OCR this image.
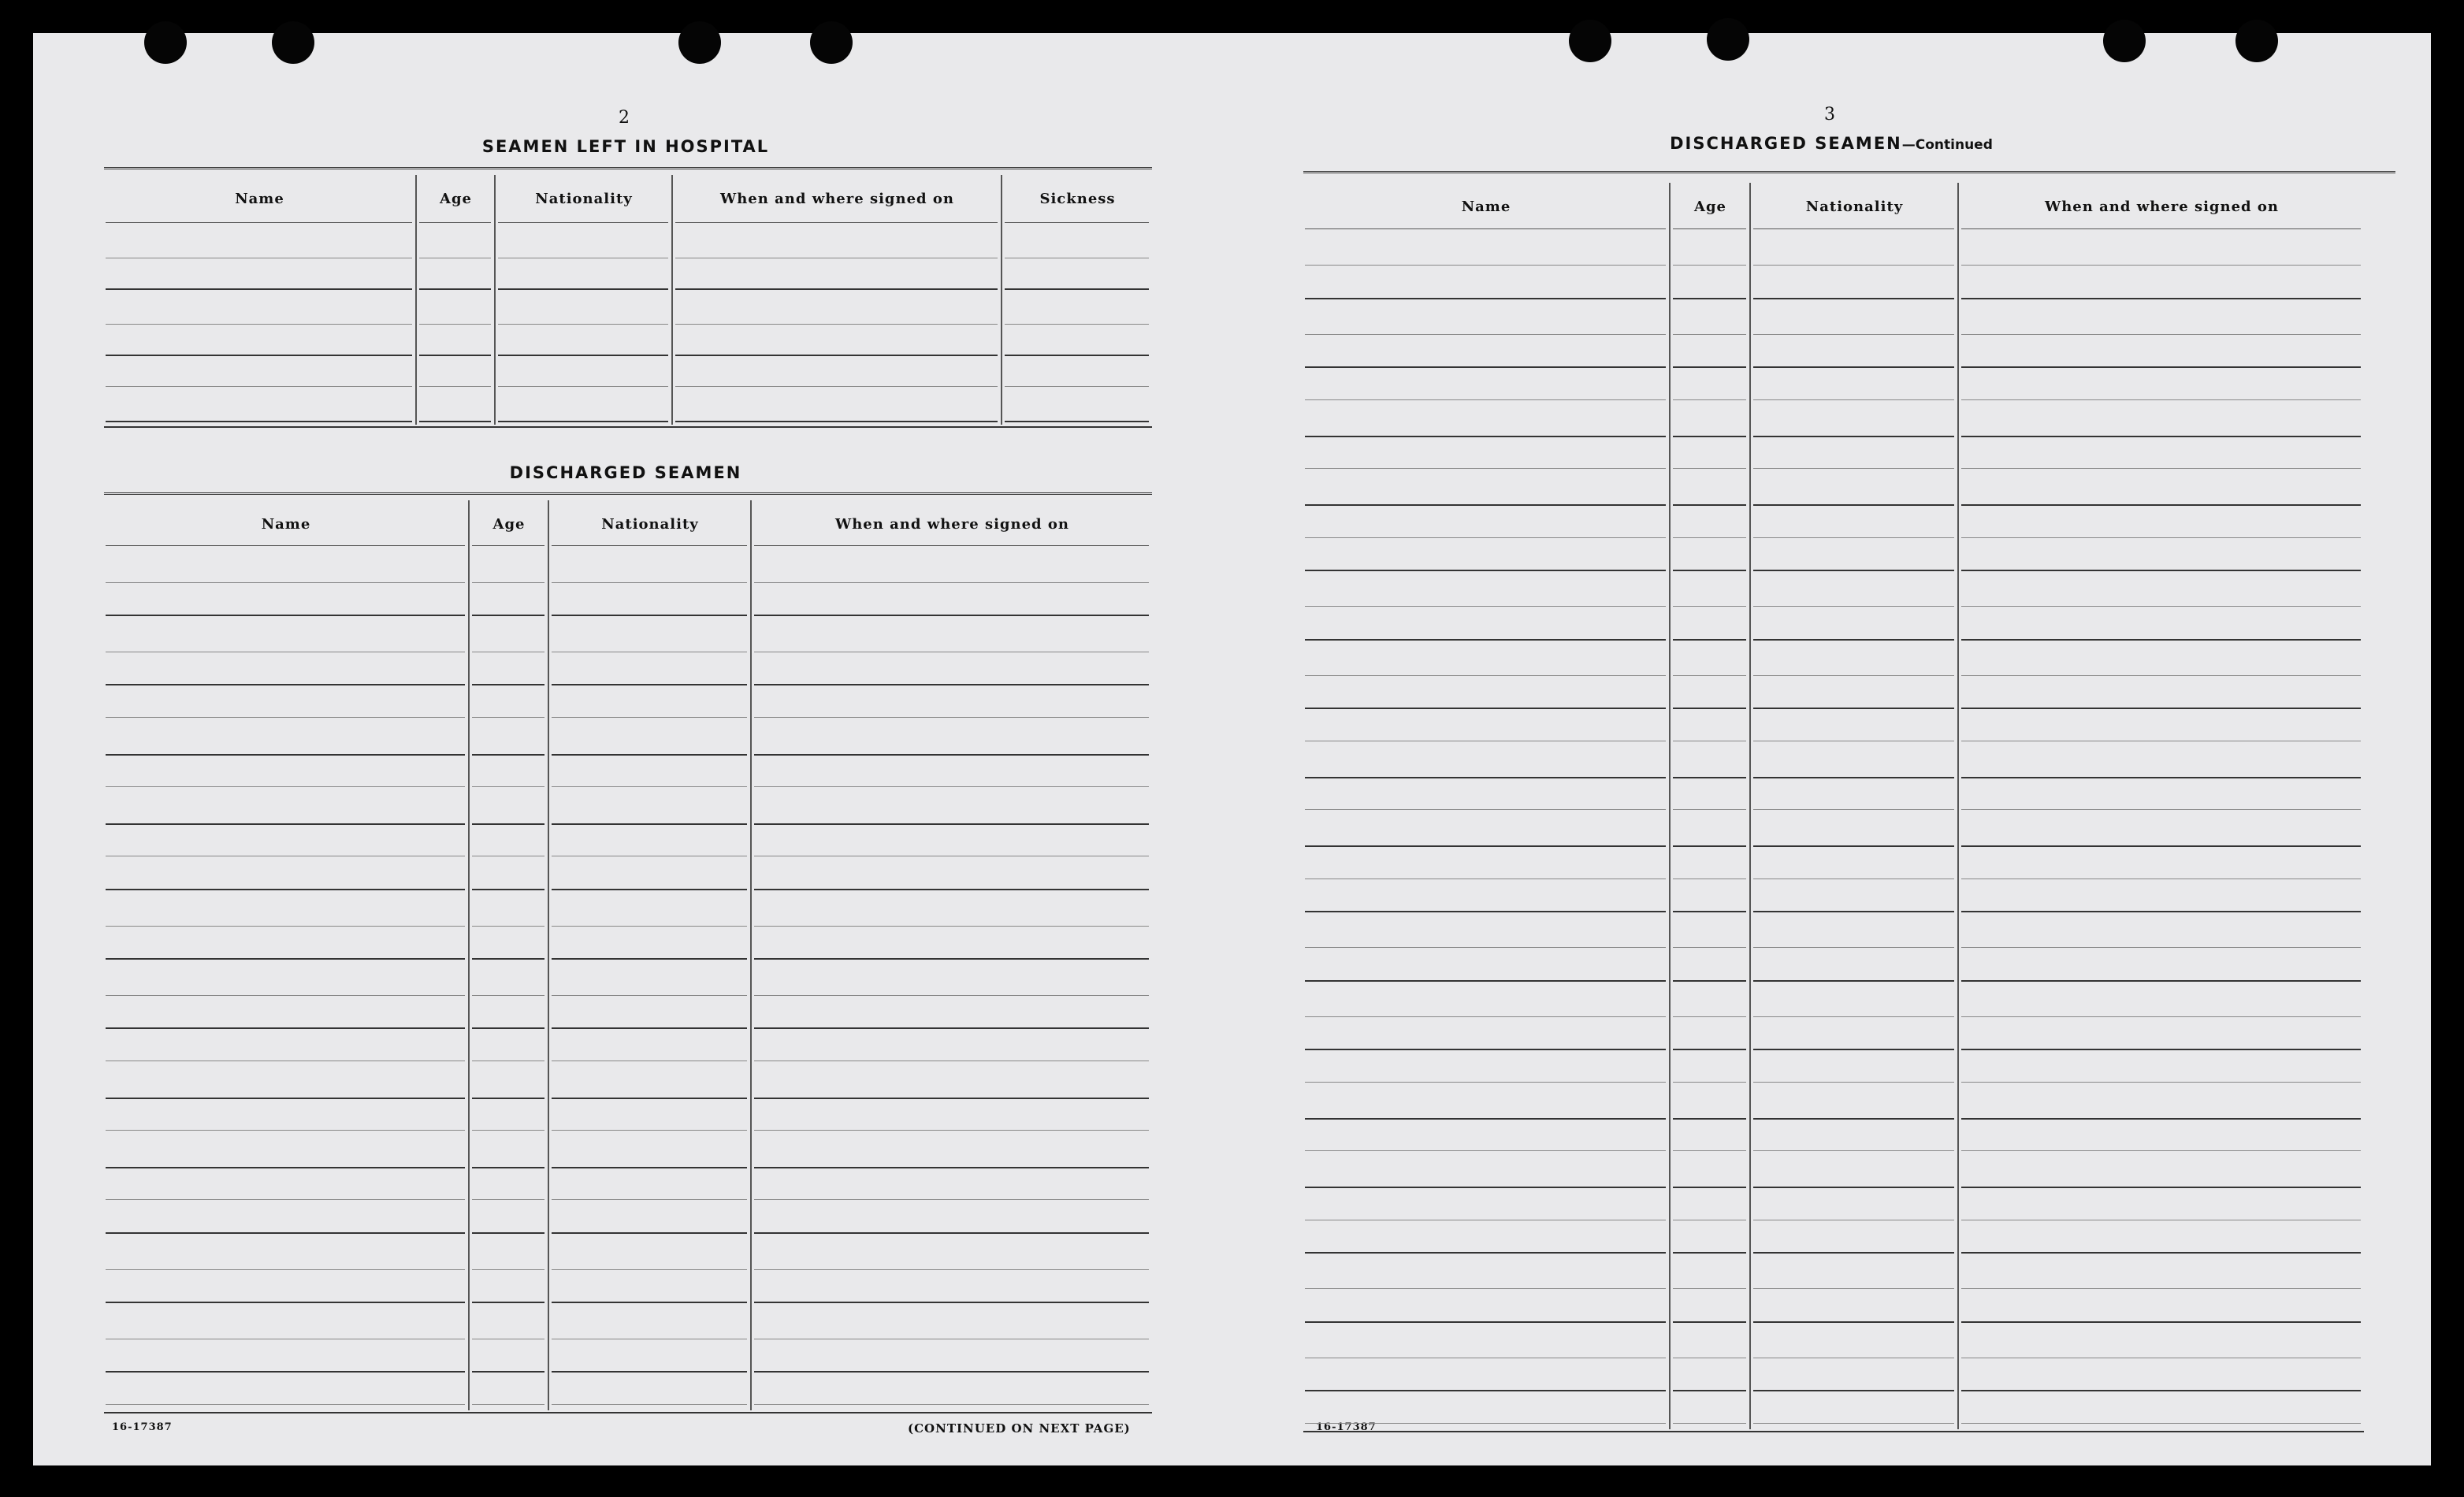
2
SEAMEN LEFT IN HOSPITAL
DISCHARGED SEAMEN
16-17387	(CONTINUED ON NEXT PAGE)
3
DISCHARGED SEAMEN—Continued
16-17387
Name	Age	Nationality	When and where signed on	Sickness
Name	Age	Nationality	When and where signed on
Name	Age	Nationality	When and where signed on
